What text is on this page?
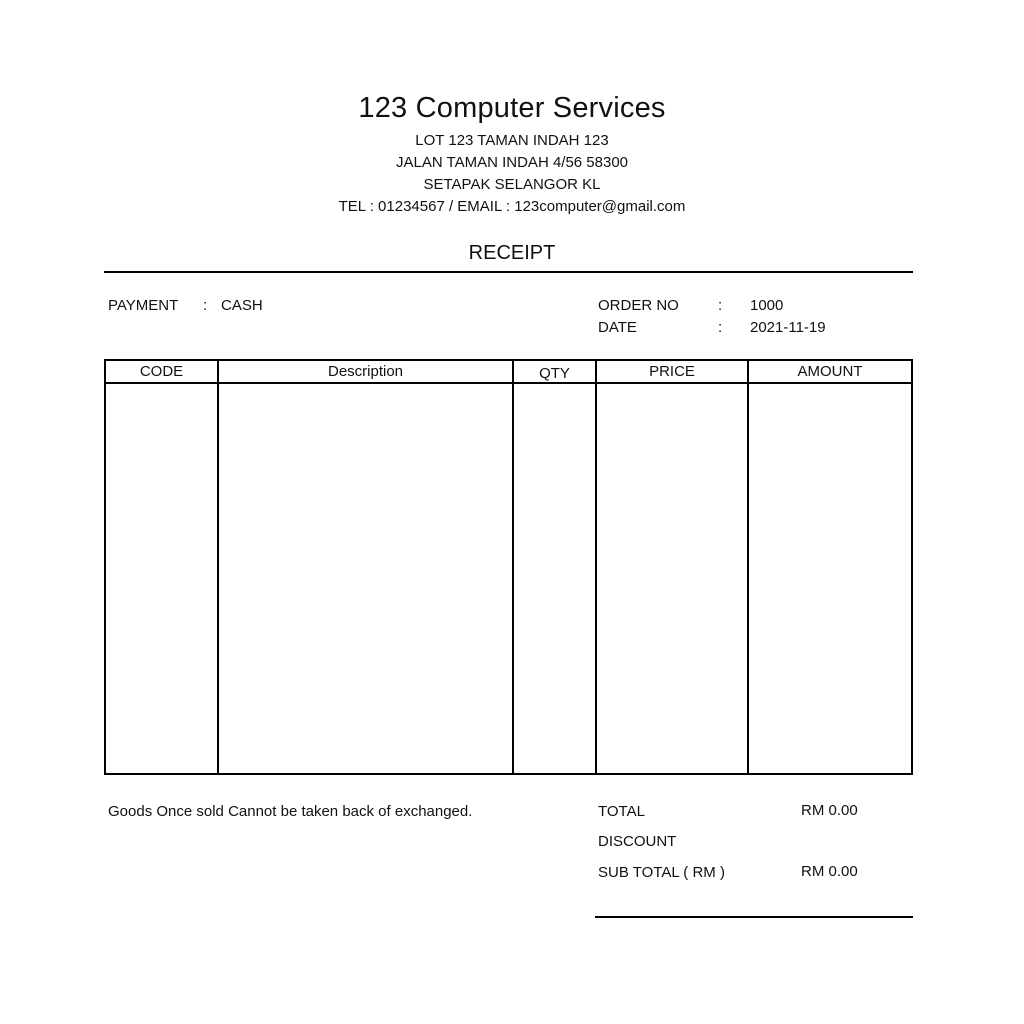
123 Computer Services
LOT 123 TAMAN INDAH 123
JALAN TAMAN INDAH 4/56 58300
SETAPAK SELANGOR KL
TEL : 01234567 / EMAIL : 123computer@gmail.com
RECEIPT
PAYMENT : CASH	ORDER NO	: 1000
DATE	: 2021-11-19
CODE	Description	QTY	PRICE	AMOUNT
Goods Once sold Cannot be taken back of exchanged.	TOTAL	RM 0.00
DISCOUNT
SUB TOTAL ( RM )	RM 0.00
